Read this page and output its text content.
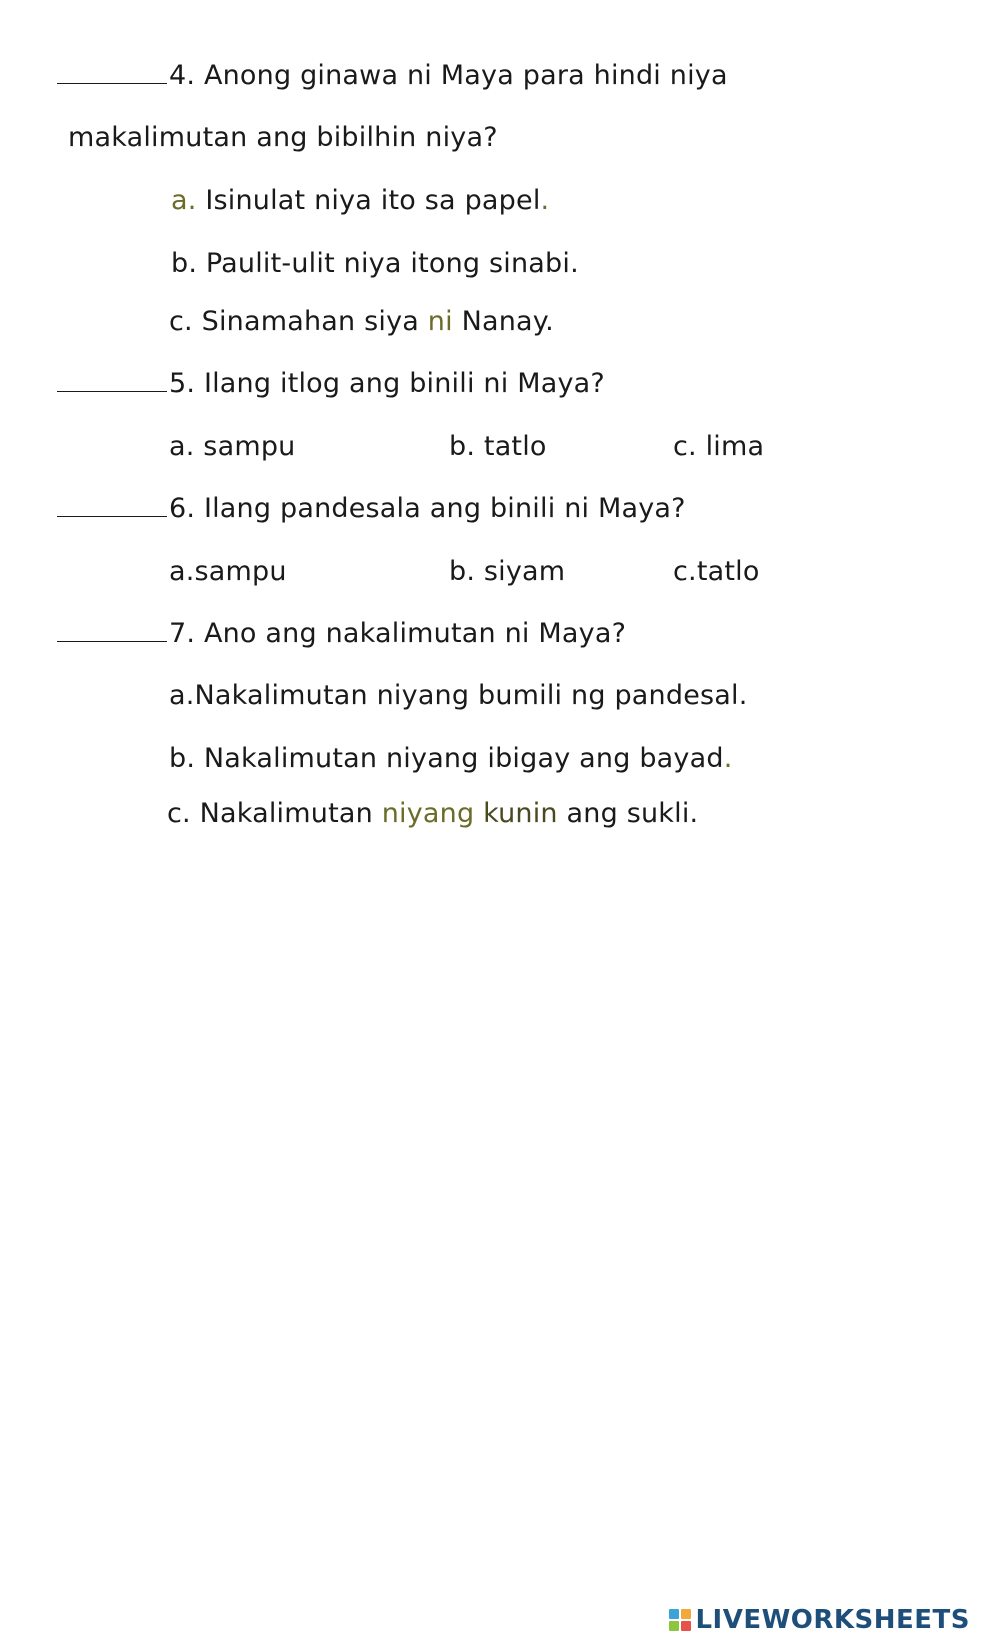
4. Anong ginawa ni Maya para hindi niya
makalimutan ang bibilhin niya?
a. Isinulat niya ito sa papel.
b. Paulit-ulit niya itong sinabi.
c. Sinamahan siya ni Nanay.
5. Ilang itlog ang binili ni Maya?
a. sampu	b. tatlo	c. lima
6. Ilang pandesala ang binili ni Maya?
a.sampu	b. siyam	c.tatlo
7. Ano ang nakalimutan ni Maya?
a.Nakalimutan niyang bumili ng pandesal.
b. Nakalimutan niyang ibigay ang bayad.
c. Nakalimutan niyang kunin ang sukli.
LIVEWORKSHEETS
